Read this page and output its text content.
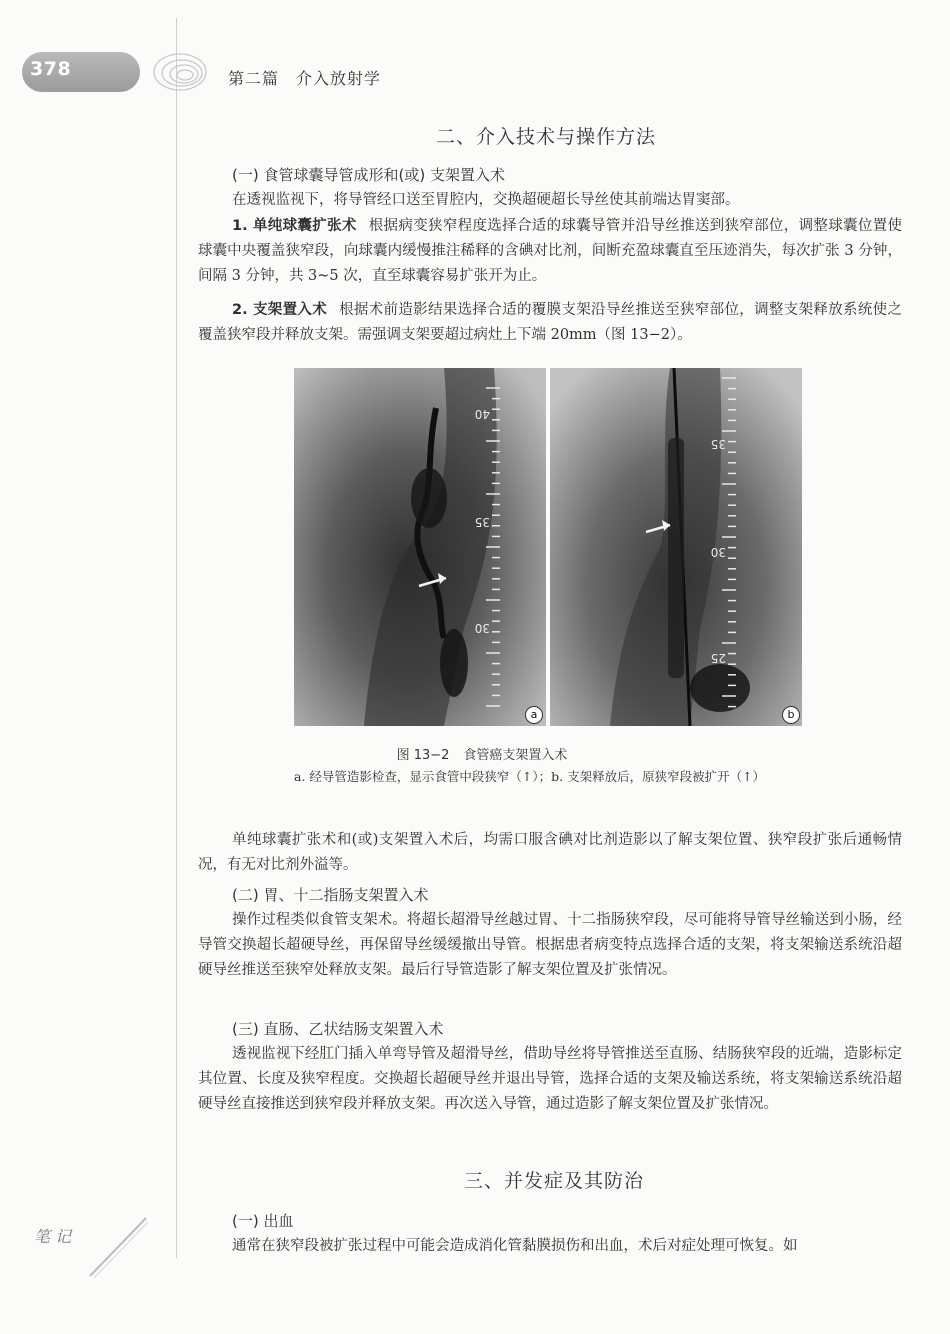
378	第二篇　介入放射学
二、介入技术与操作方法
(一) 食管球囊导管成形和(或) 支架置入术

在透视监视下，将导管经口送至胃腔内，交换超硬超长导丝使其前端达胃窦部。

1. 单纯球囊扩张术 根据病变狭窄程度选择合适的球囊导管并沿导丝推送到狭窄部位，调整球囊位置使球囊中央覆盖狭窄段，向球囊内缓慢推注稀释的含碘对比剂，间断充盈球囊直至压迹消失，每次扩张 3 分钟，间隔 3 分钟，共 3~5 次，直至球囊容易扩张开为止。

2. 支架置入术 根据术前造影结果选择合适的覆膜支架沿导丝推送至狭窄部位，调整支架释放系统使之覆盖狭窄段并释放支架。需强调支架要超过病灶上下端 20mm（图 13−2）。

40
35
30
a
35
30
25
b
图 13−2 食管癌支架置入术
a. 经导管造影检查，显示食管中段狭窄（↑）；b. 支架释放后，原狭窄段被扩开（↑）

单纯球囊扩张术和(或)支架置入术后，均需口服含碘对比剂造影以了解支架位置、狭窄段扩张后通畅情况，有无对比剂外溢等。

(二) 胃、十二指肠支架置入术

操作过程类似食管支架术。将超长超滑导丝越过胃、十二指肠狭窄段，尽可能将导管导丝输送到小肠，经导管交换超长超硬导丝，再保留导丝缓缓撤出导管。根据患者病变特点选择合适的支架，将支架输送系统沿超硬导丝推送至狭窄处释放支架。最后行导管造影了解支架位置及扩张情况。

(三) 直肠、乙状结肠支架置入术

透视监视下经肛门插入单弯导管及超滑导丝，借助导丝将导管推送至直肠、结肠狭窄段的近端，造影标定其位置、长度及狭窄程度。交换超长超硬导丝并退出导管，选择合适的支架及输送系统，将支架输送系统沿超硬导丝直接推送到狭窄段并释放支架。再次送入导管，通过造影了解支架位置及扩张情况。

三、并发症及其防治
(一) 出血

通常在狭窄段被扩张过程中可能会造成消化管黏膜损伤和出血，术后对症处理可恢复。如

笔 记
